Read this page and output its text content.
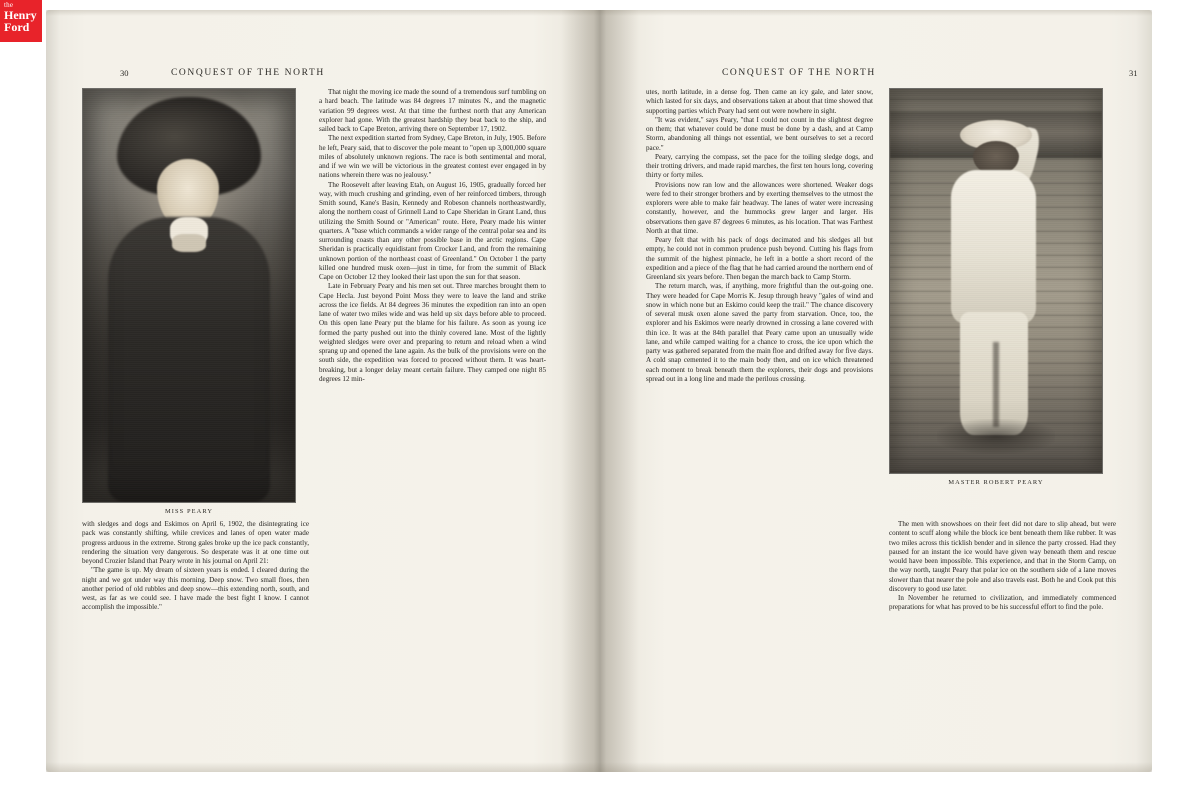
the
Henry
Ford
30	CONQUEST OF THE NORTH	31
CONQUEST OF THE NORTH
MISS PEARY

That night the moving ice made the sound of a tremendous surf tumbling on a hard beach. The latitude was 84 degrees 17 minutes N., and the magnetic variation 99 degrees west. At that time the furthest north that any American explorer had gone. With the greatest hardship they beat back to the ship, and sailed back to Cape Breton, arriving there on September 17, 1902.

The next expedition started from Sydney, Cape Breton, in July, 1905. Before he left, Peary said, that to discover the pole meant to "open up 3,000,000 square miles of absolutely unknown regions. The race is both sentimental and moral, and if we win we will be victorious in the greatest contest ever engaged in by nations wherein there was no jealousy."

The Roosevelt after leaving Etah, on August 16, 1905, gradually forced her way, with much crushing and grinding, even of her reinforced timbers, through Smith sound, Kane's Basin, Kennedy and Robeson channels northeastwardly, along the northern coast of Grinnell Land to Cape Sheridan in Grant Land, thus utilizing the Smith Sound or "American" route. Here, Peary made his winter quarters. A "base which commands a wider range of the central polar sea and its surrounding coasts than any other possible base in the arctic regions. Cape Sheridan is practically equidistant from Crocker Land, and from the remaining unknown portion of the northeast coast of Greenland." On October 1 the party killed one hundred musk oxen—just in time, for from the summit of Black Cape on October 12 they looked their last upon the sun for that season.

Late in February Peary and his men set out. Three marches brought them to Cape Hecla. Just beyond Point Moss they were to leave the land and strike across the ice fields. At 84 degrees 36 minutes the expedition ran into an open lane of water two miles wide and was held up six days before able to proceed. On this open lane Peary put the blame for his failure. As soon as young ice formed the party pushed out into the thinly covered lane. Most of the lightly weighted sledges were over and preparing to return and reload when a wind sprang up and opened the lane again. As the bulk of the provisions were on the south side, the expedition was forced to proceed without them. It was heart-breaking, but a longer delay meant certain failure. They camped one night 85 degrees 12 min-

with sledges and dogs and Eskimos on April 6, 1902, the disintegrating ice pack was constantly shifting, while crevices and lanes of open water made progress arduous in the extreme. Strong gales broke up the ice pack constantly, rendering the situation very dangerous. So desperate was it at one time out beyond Crozier Island that Peary wrote in his journal on April 21:

"The game is up. My dream of sixteen years is ended. I cleared during the night and we got under way this morning. Deep snow. Two small floes, then another period of old rubbles and deep snow—this extending north, south, and west, as far as we could see. I have made the best fight I know. I cannot accomplish the impossible."

utes, north latitude, in a dense fog. Then came an icy gale, and later snow, which lasted for six days, and observations taken at about that time showed that supporting parties which Peary had sent out were nowhere in sight.

"It was evident," says Peary, "that I could not count in the slightest degree on them; that whatever could be done must be done by a dash, and at Camp Storm, abandoning all things not essential, we bent ourselves to set a record pace."

Peary, carrying the compass, set the pace for the toiling sledge dogs, and their trotting drivers, and made rapid marches, the first ten hours long, covering thirty or forty miles.

Provisions now ran low and the allowances were shortened. Weaker dogs were fed to their stronger brothers and by exerting themselves to the utmost the explorers were able to make fair headway. The lanes of water were increasing constantly, however, and the hummocks grew larger and larger. His observations then gave 87 degrees 6 minutes, as his location. That was Farthest North at that time.

Peary felt that with his pack of dogs decimated and his sledges all but empty, he could not in common prudence push beyond. Cutting his flags from the summit of the highest pinnacle, he left in a bottle a short record of the expedition and a piece of the flag that he had carried around the northern end of Greenland six years before. Then began the march back to Camp Storm.

The return march, was, if anything, more frightful than the out-going one. They were headed for Cape Morris K. Jesup through heavy "gales of wind and snow in which none but an Eskimo could keep the trail." The chance discovery of several musk oxen alone saved the party from starvation. Once, too, the explorer and his Eskimos were nearly drowned in crossing a lane covered with thin ice. It was at the 84th parallel that Peary came upon an unusually wide lane, and while camped waiting for a chance to cross, the ice upon which the party was gathered separated from the main floe and drifted away for five days. A cold snap cemented it to the main body then, and on ice which threatened each moment to break beneath them the explorers, their dogs and provisions spread out in a long line and made the perilous crossing.

MASTER ROBERT PEARY

The men with snowshoes on their feet did not dare to slip ahead, but were content to scuff along while the block ice bent beneath them like rubber. It was two miles across this ticklish bender and in silence the party crossed. Had they paused for an instant the ice would have given way beneath them and rescue would have been impossible. This experience, and that in the Storm Camp, on the way north, taught Peary that polar ice on the southern side of a lane moves slower than that nearer the pole and also travels east. Both he and Cook put this discovery to good use later.

In November he returned to civilization, and immediately commenced preparations for what has proved to be his successful effort to find the pole.
